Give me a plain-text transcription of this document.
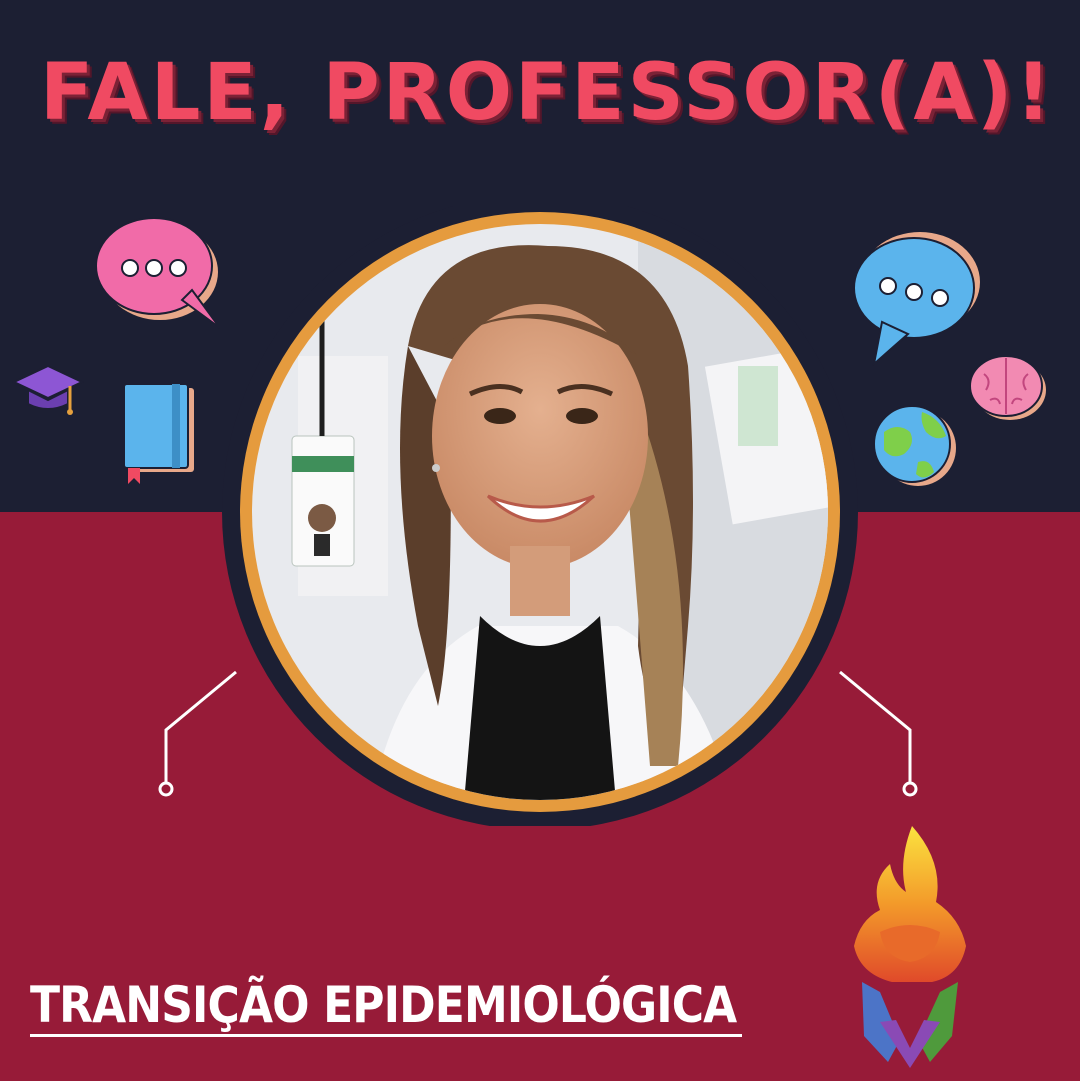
FALE, PROFESSOR(A)!
TRANSIÇÃO EPIDEMIOLÓGICA
